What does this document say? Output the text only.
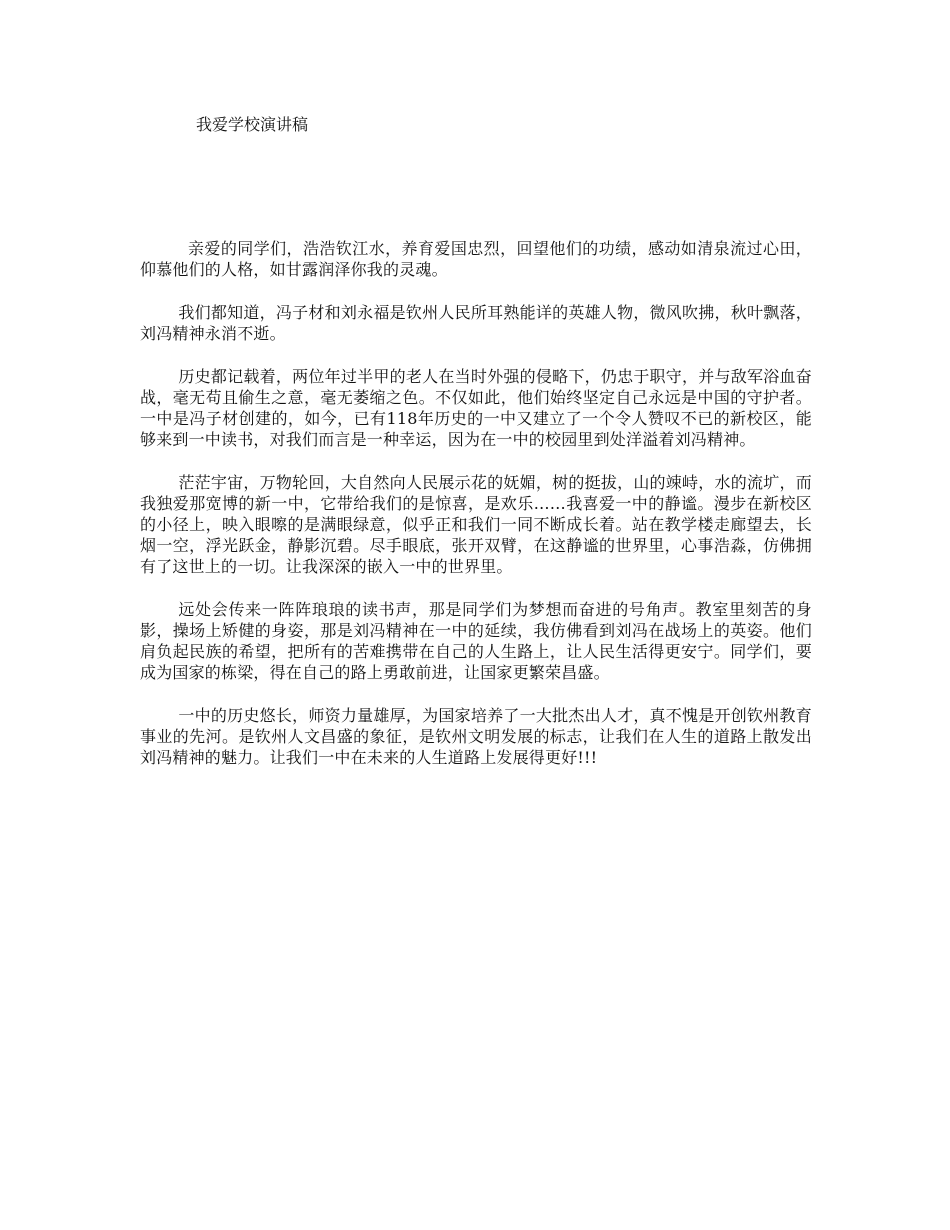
我爱学校演讲稿

亲爱的同学们，浩浩钦江水，养育爱国忠烈，回望他们的功绩，感动如清泉流过心田，仰慕他们的人格，如甘露润泽你我的灵魂。

我们都知道，冯子材和刘永福是钦州人民所耳熟能详的英雄人物，微风吹拂，秋叶飘落，刘冯精神永消不逝。

历史都记载着，两位年过半甲的老人在当时外强的侵略下，仍忠于职守，并与敌军浴血奋战，毫无苟且偷生之意，毫无萎缩之色。不仅如此，他们始终坚定自己永远是中国的守护者。一中是冯子材创建的，如今，已有118年历史的一中又建立了一个令人赞叹不已的新校区，能够来到一中读书，对我们而言是一种幸运，因为在一中的校园里到处洋溢着刘冯精神。

茫茫宇宙，万物轮回，大自然向人民展示花的妩媚，树的挺拔，山的竦峙，水的流圹，而我独爱那宽博的新一中，它带给我们的是惊喜，是欢乐……我喜爱一中的静谧。漫步在新校区的小径上，映入眼嚓的是满眼绿意，似乎正和我们一同不断成长着。站在教学楼走廊望去，长烟一空，浮光跃金，静影沉碧。尽手眼底，张开双臂，在这静谧的世界里，心事浩淼，仿佛拥有了这世上的一切。让我深深的嵌入一中的世界里。

远处会传来一阵阵琅琅的读书声，那是同学们为梦想而奋进的号角声。教室里刻苦的身影，操场上矫健的身姿，那是刘冯精神在一中的延续，我仿佛看到刘冯在战场上的英姿。他们肩负起民族的希望，把所有的苦难携带在自己的人生路上，让人民生活得更安宁。同学们，要成为国家的栋梁，得在自己的路上勇敢前进，让国家更繁荣昌盛。

一中的历史悠长，师资力量雄厚，为国家培养了一大批杰出人才，真不愧是开创钦州教育事业的先河。是钦州人文昌盛的象征，是钦州文明发展的标志，让我们在人生的道路上散发出刘冯精神的魅力。让我们一中在未来的人生道路上发展得更好!!!
